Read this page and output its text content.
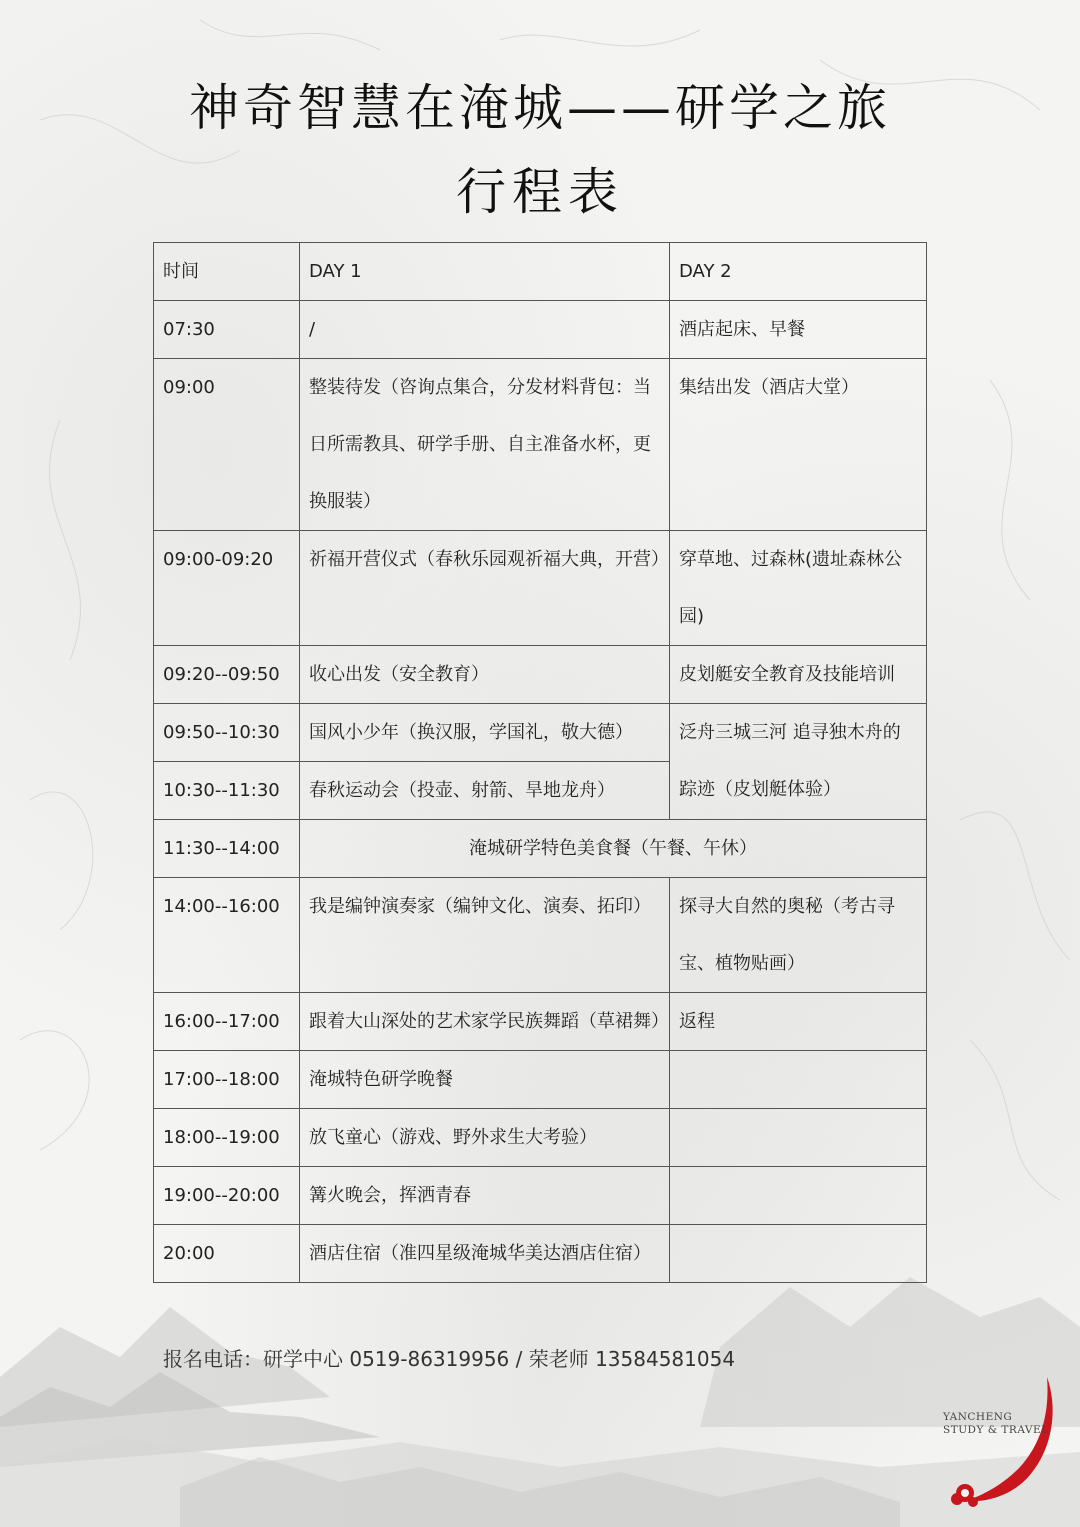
神奇智慧在淹城——研学之旅
行程表
时间	DAY 1	DAY 2
07:30	/	酒店起床、早餐
09:00	整装待发（咨询点集合，分发材料背包：当日所需教具、研学手册、自主准备水杯，更换服装）	集结出发（酒店大堂）
09:00-09:20	祈福开营仪式（春秋乐园观祈福大典，开营）	穿草地、过森林(遗址森林公园)
09:20--09:50	收心出发（安全教育）	皮划艇安全教育及技能培训
09:50--10:30	国风小少年（换汉服，学国礼，敬大德）	泛舟三城三河 追寻独木舟的踪迹（皮划艇体验）
10:30--11:30	春秋运动会（投壶、射箭、旱地龙舟）	
11:30--14:00	淹城研学特色美食餐（午餐、午休）	
14:00--16:00	我是编钟演奏家（编钟文化、演奏、拓印）	探寻大自然的奥秘（考古寻宝、植物贴画）
16:00--17:00	跟着大山深处的艺术家学民族舞蹈（草裙舞）	返程
17:00--18:00	淹城特色研学晚餐	
18:00--19:00	放飞童心（游戏、野外求生大考验）	
19:00--20:00	篝火晚会，挥洒青春	
20:00	酒店住宿（准四星级淹城华美达酒店住宿）	
报名电话：研学中心 0519-86319956 / 荣老师 13584581054
YANCHENG
STUDY & TRAVEL
